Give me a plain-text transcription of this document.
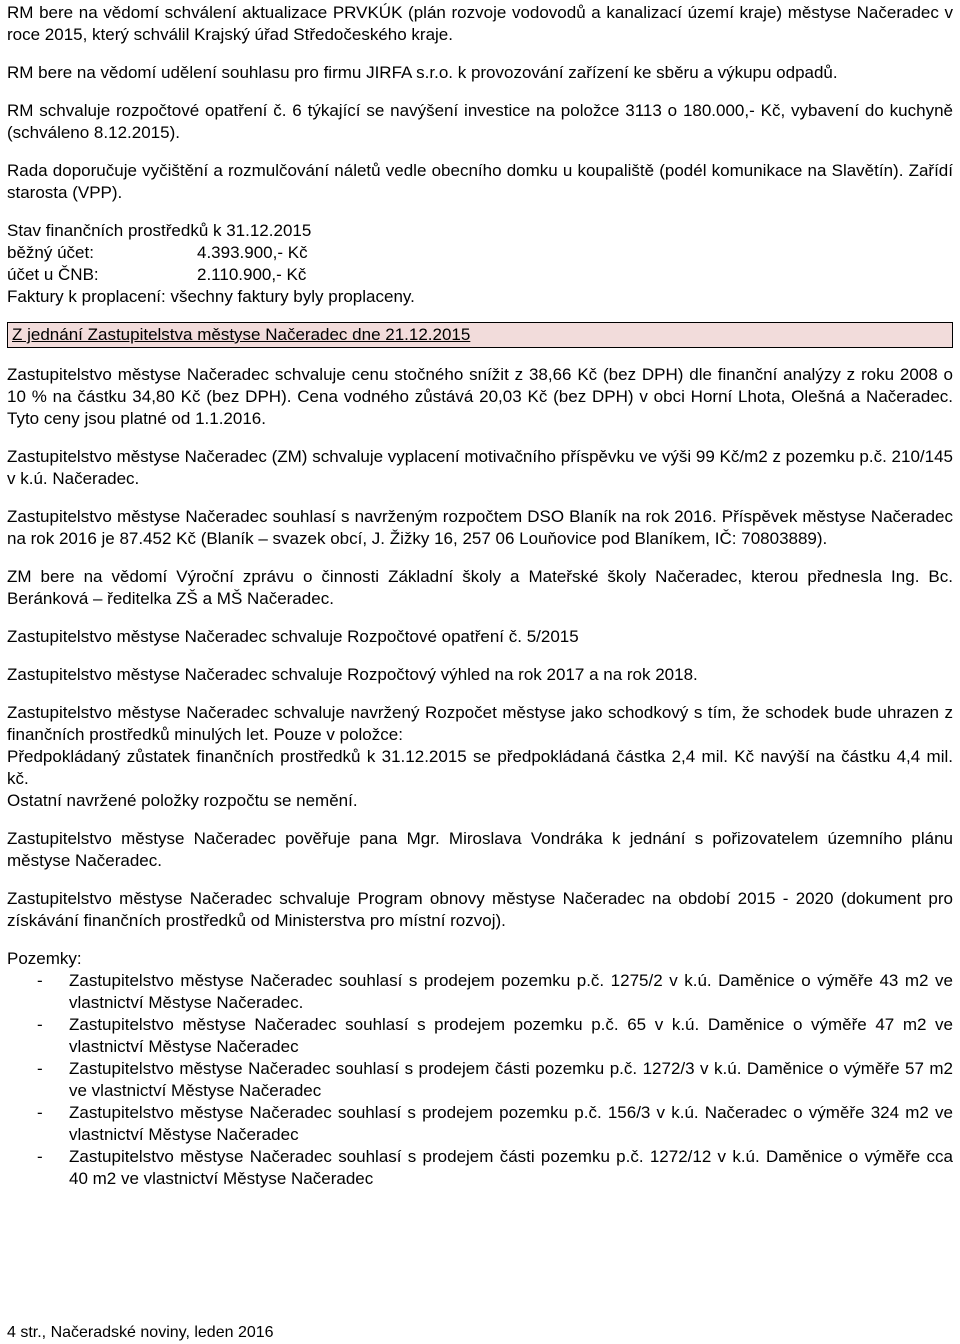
RM bere na vědomí schválení aktualizace PRVKÚK (plán rozvoje vodovodů a kanalizací území kraje) městyse Načeradec v roce 2015, který schválil Krajský úřad Středočeského kraje.

RM bere na vědomí udělení souhlasu pro firmu JIRFA s.r.o. k provozování zařízení ke sběru a výkupu odpadů.

RM schvaluje rozpočtové opatření č. 6 týkající se navýšení investice na položce 3113 o 180.000,- Kč, vybavení do kuchyně (schváleno 8.12.2015).

Rada doporučuje vyčištění a rozmulčování náletů vedle obecního domku u koupaliště (podél komunikace na Slavětín). Zařídí starosta (VPP).

Stav finančních prostředků k 31.12.2015

běžný účet:	4.393.900,- Kč
účet u ČNB:	2.110.900,- Kč

Faktury k proplacení: všechny faktury byly proplaceny.

Z jednání Zastupitelstva městyse Načeradec dne 21.12.2015

Zastupitelstvo městyse Načeradec schvaluje cenu stočného snížit z 38,66 Kč (bez DPH) dle finanční analýzy z roku 2008 o 10 % na částku 34,80 Kč (bez DPH). Cena vodného zůstává 20,03 Kč (bez DPH) v obci Horní Lhota, Olešná a Načeradec. Tyto ceny jsou platné od 1.1.2016.

Zastupitelstvo městyse Načeradec (ZM) schvaluje vyplacení motivačního příspěvku ve výši 99 Kč/m2 z pozemku p.č. 210/145 v k.ú. Načeradec.

Zastupitelstvo městyse Načeradec souhlasí s navrženým rozpočtem DSO Blaník na rok 2016. Příspěvek městyse Načeradec na rok 2016 je 87.452 Kč (Blaník – svazek obcí, J. Žižky 16, 257 06 Louňovice pod Blaníkem, IČ: 70803889).

ZM bere na vědomí Výroční zprávu o činnosti Základní školy a Mateřské školy Načeradec, kterou přednesla Ing. Bc. Beránková – ředitelka ZŠ a MŠ Načeradec.

Zastupitelstvo městyse Načeradec schvaluje Rozpočtové opatření č. 5/2015

Zastupitelstvo městyse Načeradec schvaluje Rozpočtový výhled na rok 2017 a na rok 2018.

Zastupitelstvo městyse Načeradec schvaluje navržený Rozpočet městyse jako schodkový s tím, že schodek bude uhrazen z finančních prostředků minulých let. Pouze v položce:

Předpokládaný zůstatek finančních prostředků k 31.12.2015 se předpokládaná částka 2,4 mil. Kč navýší na částku 4,4 mil. kč.

Ostatní navržené položky rozpočtu se nemění.

Zastupitelstvo městyse Načeradec pověřuje pana Mgr. Miroslava Vondráka k jednání s pořizovatelem územního plánu městyse Načeradec.

Zastupitelstvo městyse Načeradec schvaluje Program obnovy městyse Načeradec na období 2015 - 2020 (dokument pro získávání finančních prostředků od Ministerstva pro místní rozvoj).

Pozemky:

- Zastupitelstvo městyse Načeradec souhlasí s prodejem pozemku p.č. 1275/2 v k.ú. Daměnice o výměře 43 m2 ve vlastnictví Městyse Načeradec.
- Zastupitelstvo městyse Načeradec souhlasí s prodejem pozemku p.č. 65 v k.ú. Daměnice o výměře 47 m2 ve vlastnictví Městyse Načeradec
- Zastupitelstvo městyse Načeradec souhlasí s prodejem části pozemku p.č. 1272/3 v k.ú. Daměnice o výměře 57 m2 ve vlastnictví Městyse Načeradec
- Zastupitelstvo městyse Načeradec souhlasí s prodejem pozemku p.č. 156/3 v k.ú. Načeradec o výměře 324 m2 ve vlastnictví Městyse Načeradec
- Zastupitelstvo městyse Načeradec souhlasí s prodejem části pozemku p.č. 1272/12 v k.ú. Daměnice o výměře cca 40 m2 ve vlastnictví Městyse Načeradec
4 str., Načeradské noviny, leden 2016
